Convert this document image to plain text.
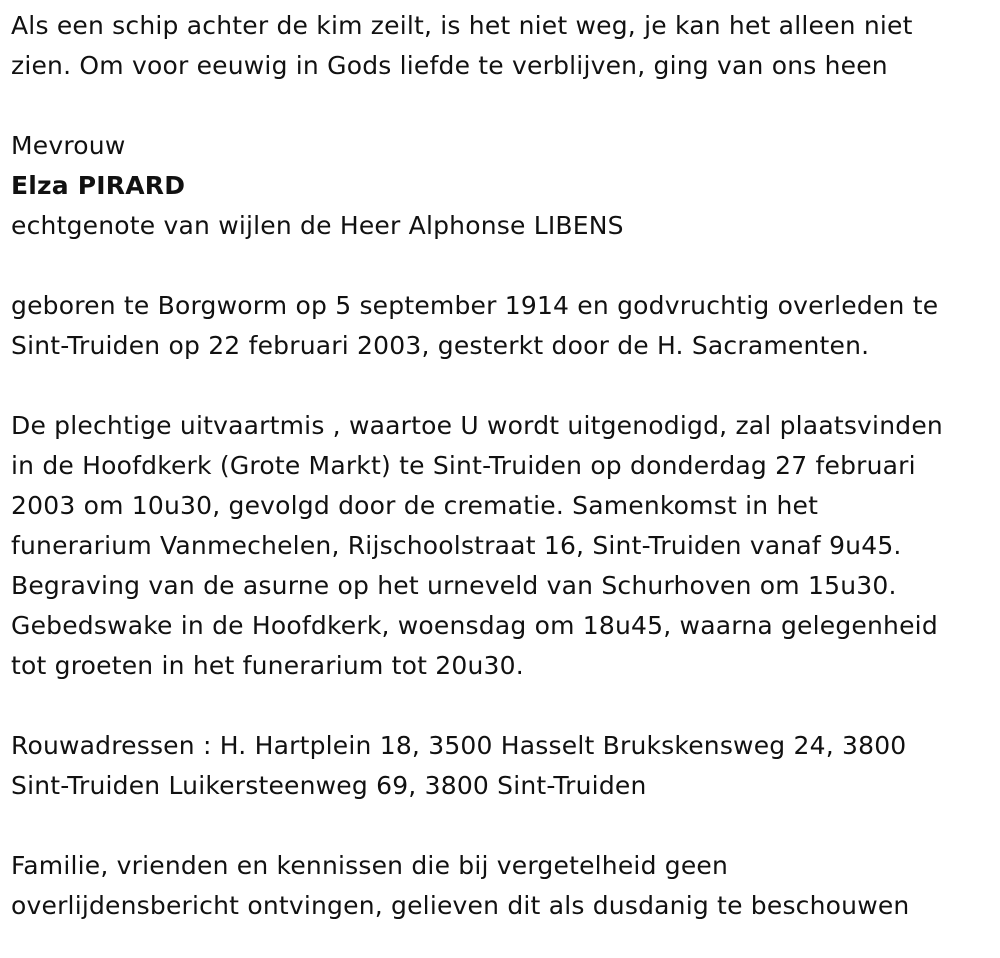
Als een schip achter de kim zeilt, is het niet weg, je kan het alleen niet

zien. Om voor eeuwig in Gods liefde te verblijven, ging van ons heen

Mevrouw

Elza PIRARD

echtgenote van wijlen de Heer Alphonse LIBENS

geboren te Borgworm op 5 september 1914 en godvruchtig overleden te

Sint-Truiden op 22 februari 2003, gesterkt door de H. Sacramenten.

De plechtige uitvaartmis , waartoe U wordt uitgenodigd, zal plaatsvinden

in de Hoofdkerk (Grote Markt) te Sint-Truiden op donderdag 27 februari

2003 om 10u30, gevolgd door de crematie. Samenkomst in het

funerarium Vanmechelen, Rijschoolstraat 16, Sint-Truiden vanaf 9u45.

Begraving van de asurne op het urneveld van Schurhoven om 15u30.

Gebedswake in de Hoofdkerk, woensdag om 18u45, waarna gelegenheid

tot groeten in het funerarium tot 20u30.

Rouwadressen : H. Hartplein 18, 3500 Hasselt Brukskensweg 24, 3800

Sint-Truiden Luikersteenweg 69, 3800 Sint-Truiden

Familie, vrienden en kennissen die bij vergetelheid geen

overlijdensbericht ontvingen, gelieven dit als dusdanig te beschouwen
